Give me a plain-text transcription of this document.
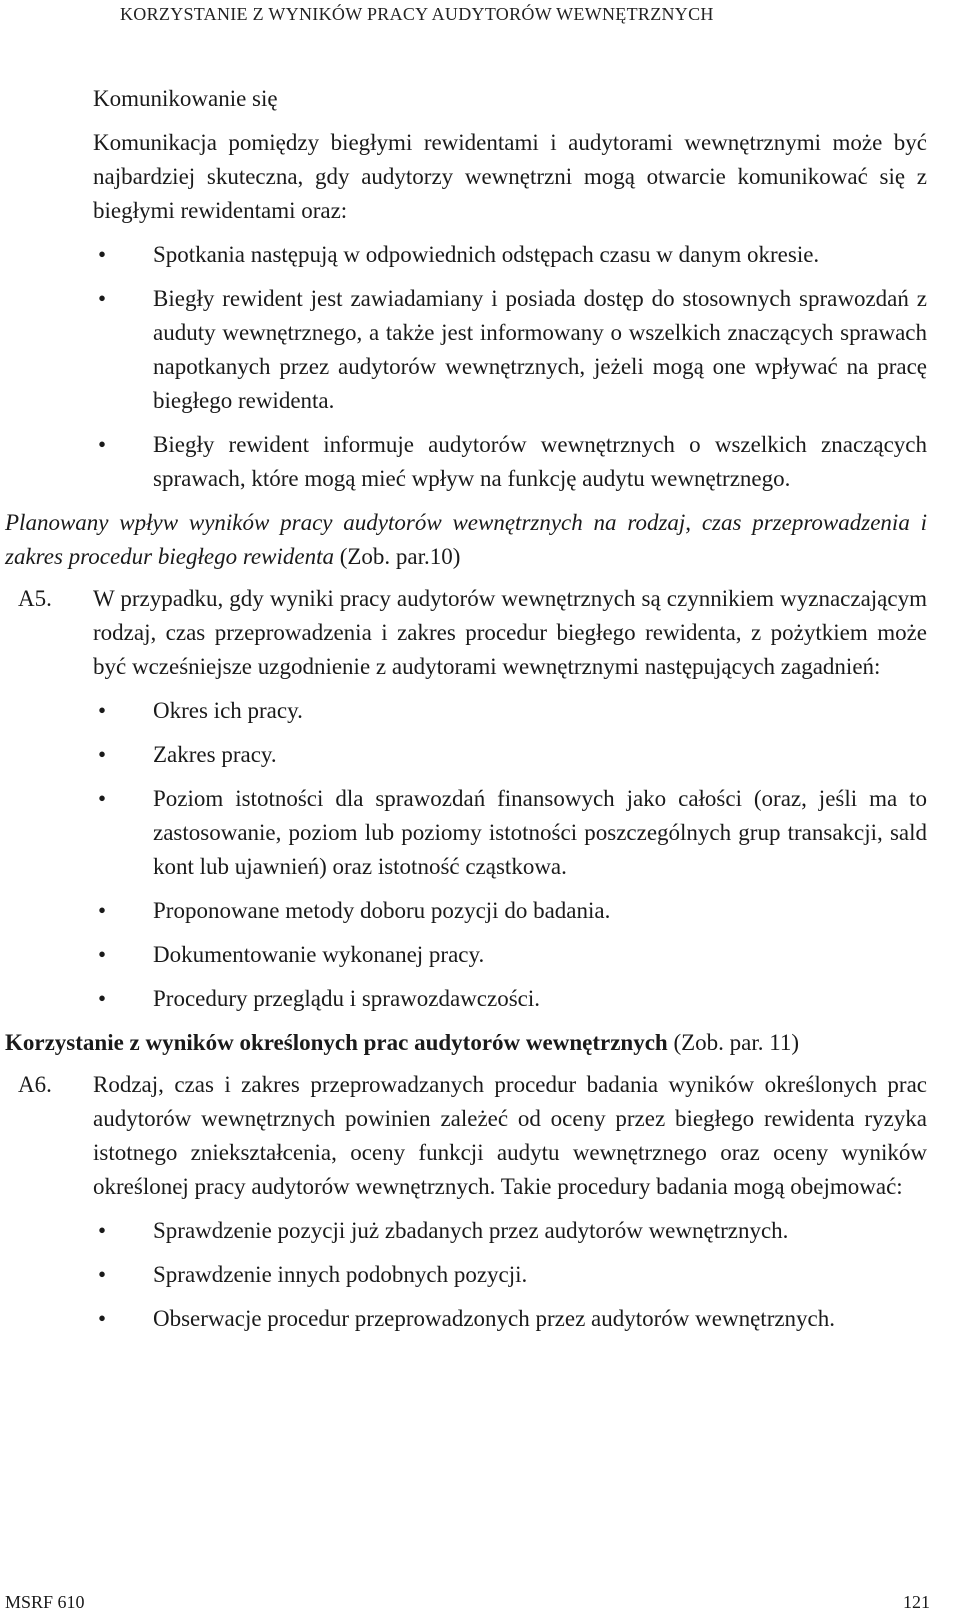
KORZYSTANIE Z WYNIKÓW PRACY AUDYTORÓW WEWNĘTRZNYCH
Komunikowanie się
Komunikacja pomiędzy biegłymi rewidentami i audytorami wewnętrznymi może być najbardziej skuteczna, gdy audytorzy wewnętrzni mogą otwarcie komunikować się z biegłymi rewidentami oraz:
• Spotkania następują w odpowiednich odstępach czasu w danym okresie.
• Biegły rewident jest zawiadamiany i posiada dostęp do stosownych sprawozdań z auduty wewnętrznego, a także jest informowany o wszelkich znaczących sprawach napotkanych przez audytorów wewnętrznych, jeżeli mogą one wpływać na pracę biegłego rewidenta.
• Biegły rewident informuje audytorów wewnętrznych o wszelkich znaczących sprawach, które mogą mieć wpływ na funkcję audytu wewnętrznego.
Planowany wpływ wyników pracy audytorów wewnętrznych na rodzaj, czas przeprowadzenia i zakres procedur biegłego rewidenta (Zob. par.10)
A5.	W przypadku, gdy wyniki pracy audytorów wewnętrznych są czynnikiem wyznaczającym rodzaj, czas przeprowadzenia i zakres procedur biegłego rewidenta, z pożytkiem może być wcześniejsze uzgodnienie z audytorami wewnętrznymi następujących zagadnień:
• Okres ich pracy.
• Zakres pracy.
• Poziom istotności dla sprawozdań finansowych jako całości (oraz, jeśli ma to zastosowanie, poziom lub poziomy istotności poszczególnych grup transakcji, sald kont lub ujawnień) oraz istotność cząstkowa.
• Proponowane metody doboru pozycji do badania.
• Dokumentowanie wykonanej pracy.
• Procedury przeglądu i sprawozdawczości.
Korzystanie z wyników określonych prac audytorów wewnętrznych (Zob. par. 11)
A6.	Rodzaj, czas i zakres przeprowadzanych procedur badania wyników określonych prac audytorów wewnętrznych powinien zależeć od oceny przez biegłego rewidenta ryzyka istotnego zniekształcenia, oceny funkcji audytu wewnętrznego oraz oceny wyników określonej pracy audytorów wewnętrznych. Takie procedury badania mogą obejmować:
• Sprawdzenie pozycji już zbadanych przez audytorów wewnętrznych.
• Sprawdzenie innych podobnych pozycji.
• Obserwacje procedur przeprowadzonych przez audytorów wewnętrznych.
MSRF 610	121
